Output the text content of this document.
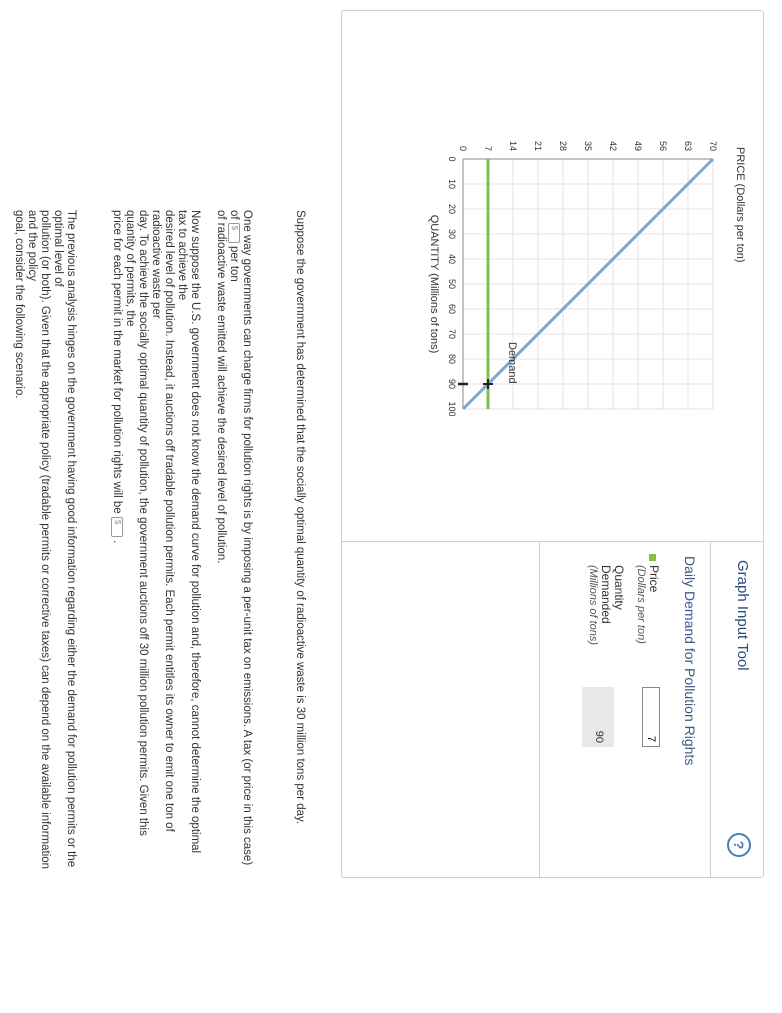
0
10
20
30
40
50
60
70
80
90
100
0 7 14 21 28 35 42 49 56 63 70
PRICE (Dollars per ton)
QUANTITY (Millions of tons)
Demand
?
Graph Input Tool
Daily Demand for Pollution Rights
Price
(Dollars per ton)
7
Quantity
Demanded
(Millions of tons)
90
Suppose the government has determined that the socially optimal quantity of radioactive waste is 30 million tons per day.
One way governments can charge firms for pollution rights is by imposing a per-unit tax on emissions. A tax (or price in this case) of $ per ton
of radioactive waste emitted will achieve the desired level of pollution.
Now suppose the U.S. government does not know the demand curve for pollution and, therefore, cannot determine the optimal tax to achieve the
desired level of pollution. Instead, it auctions off tradable pollution permits. Each permit entitles its owner to emit one ton of radioactive waste per
day. To achieve the socially optimal quantity of pollution, the government auctions off 30 million pollution permits. Given this quantity of permits, the
price for each permit in the market for pollution rights will be $ .
The previous analysis hinges on the government having good information regarding either the demand for pollution permits or the optimal level of
pollution (or both). Given that the appropriate policy (tradable permits or corrective taxes) can depend on the available information and the policy
goal, consider the following scenario.
